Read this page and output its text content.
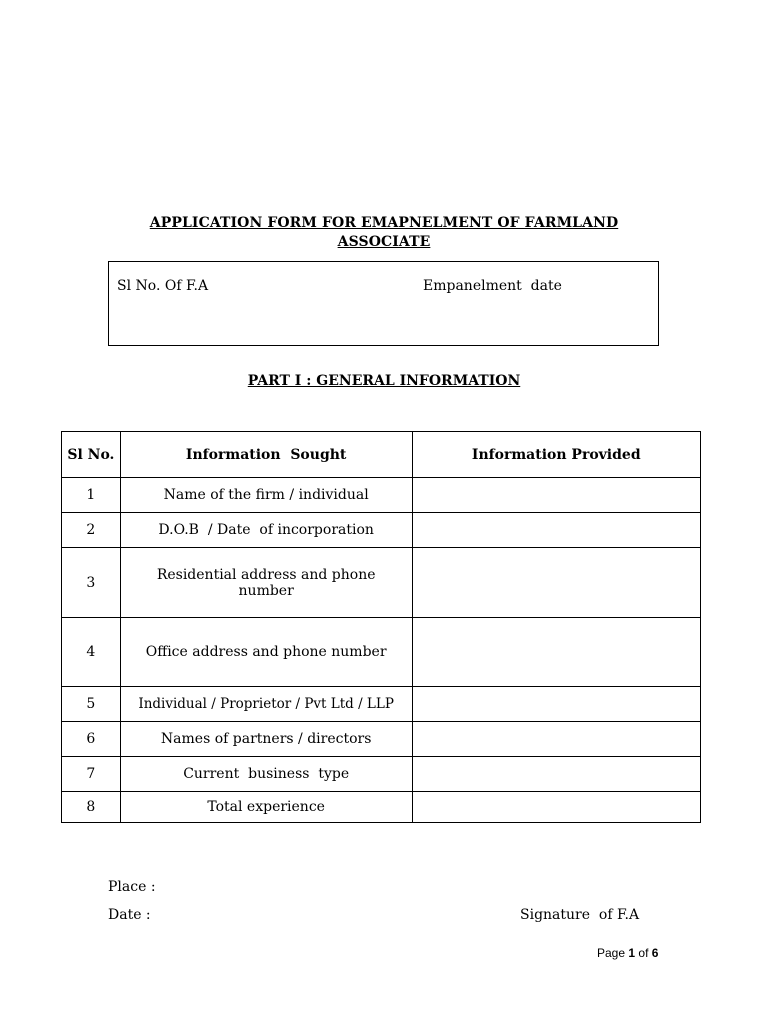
APPLICATION FORM FOR EMAPNELMENT OF FARMLAND
ASSOCIATE
Sl No. Of F.A	Empanelment  date
PART I : GENERAL INFORMATION
Sl No.	Information  Sought	Information Provided
1	Name of the firm / individual	
2	D.O.B  / Date  of incorporation	
3	Residential address and phone number	
4	Office address and phone number	
5	Individual / Proprietor / Pvt Ltd / LLP	
6	Names of partners / directors	
7	Current  business  type	
8	Total experience	
Place :
Date :	Signature  of F.A
Page 1 of 6
